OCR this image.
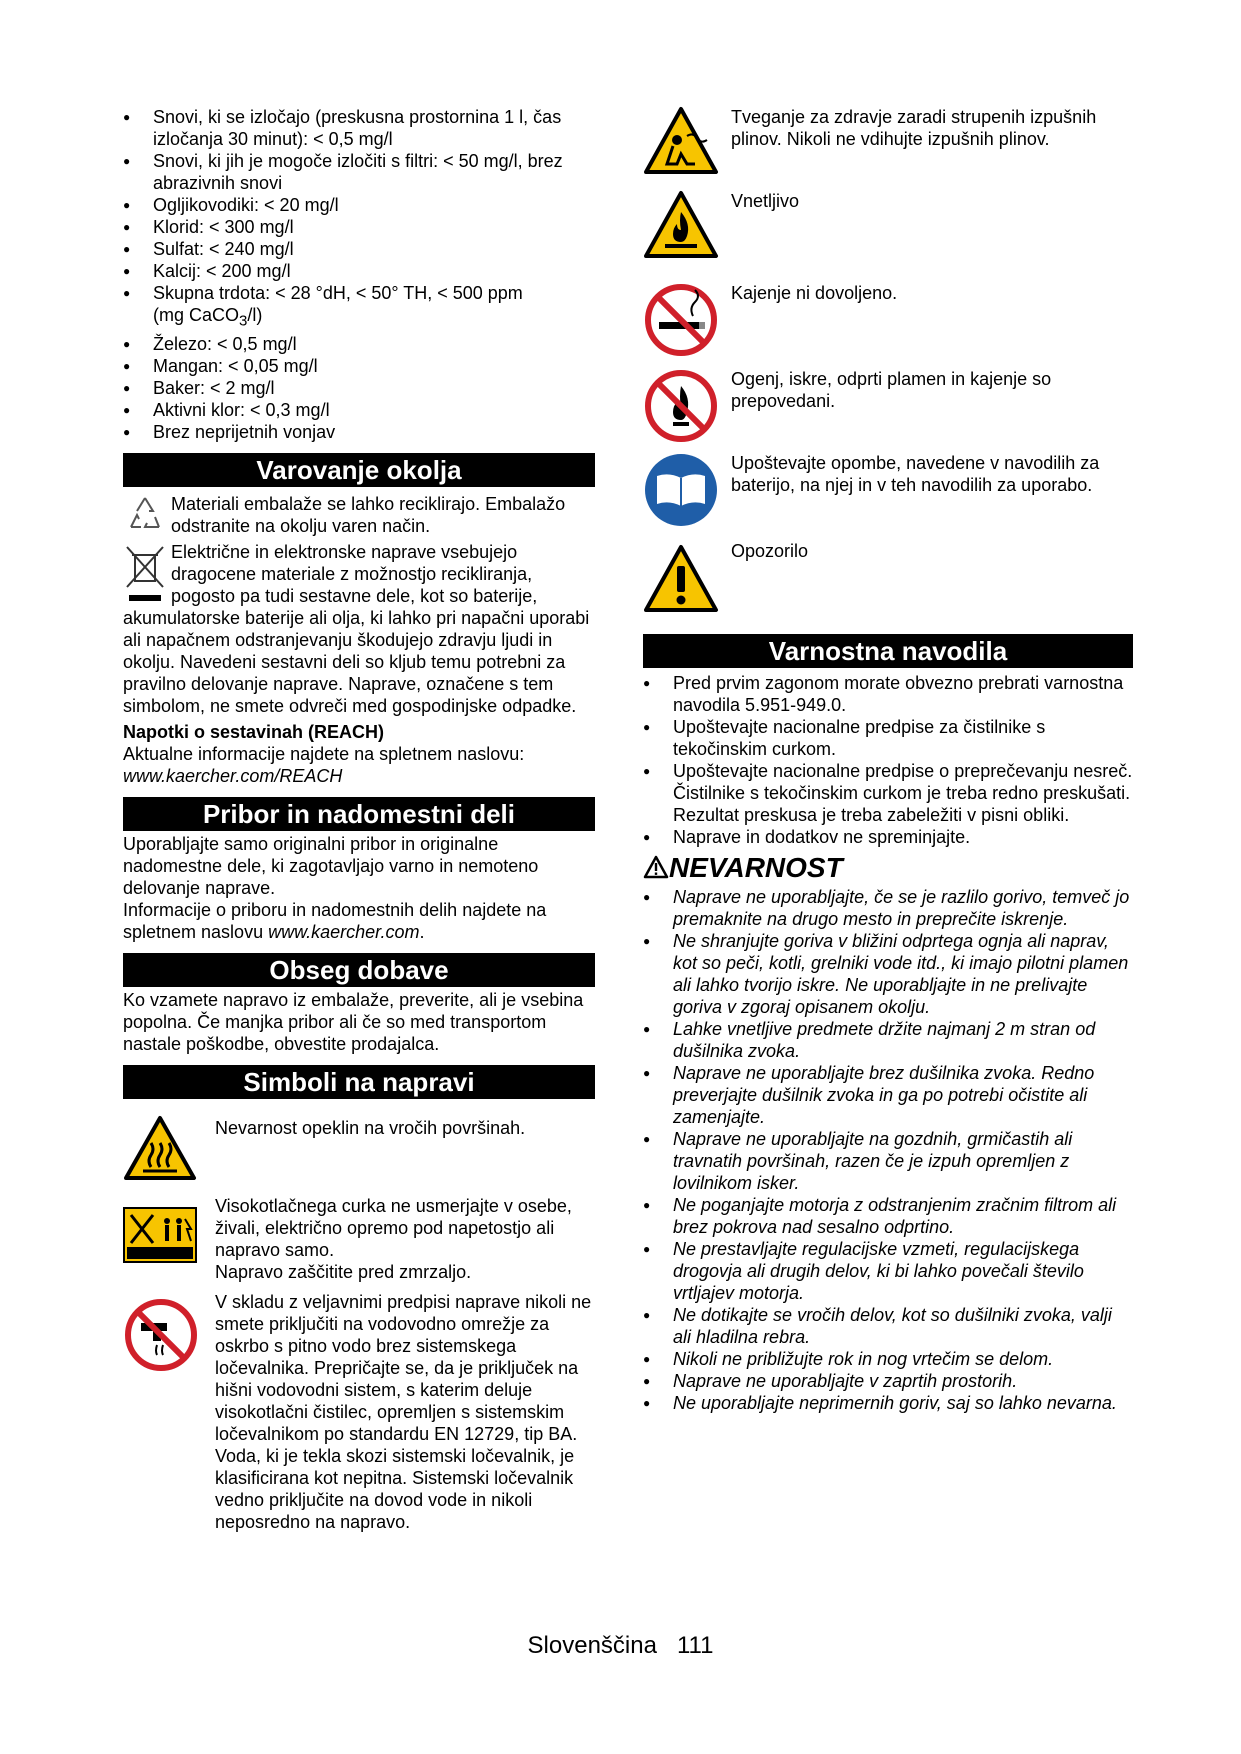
● Snovi, ki se izločajo (preskusna prostornina 1 l, čas izločanja 30 minut): < 0,5 mg/l
● Snovi, ki jih je mogoče izločiti s filtri: < 50 mg/l, brez abrazivnih snovi
● Ogljikovodiki: < 20 mg/l
● Klorid: < 300 mg/l
● Sulfat: < 240 mg/l
● Kalcij: < 200 mg/l
● Skupna trdota: < 28 °dH, < 50° TH, < 500 ppm
(mg CaCO$_3$/l)
● Železo: < 0,5 mg/l
● Mangan: < 0,05 mg/l
● Baker: < 2 mg/l
● Aktivni klor: < 0,3 mg/l
● Brez neprijetnih vonjav
Varovanje okolja

Materiali embalaže se lahko reciklirajo. Embalažo odstranite na okolju varen način.

Električne in elektronske naprave vsebujejo dragocene materiale z možnostjo recikliranja, pogosto pa tudi sestavne dele, kot so baterije, akumulatorske baterije ali olja, ki lahko pri napačni uporabi ali napačnem odstranjevanju škodujejo zdravju ljudi in okolju. Navedeni sestavni deli so kljub temu potrebni za pravilno delovanje naprave. Naprave, označene s tem simbolom, ne smete odvreči med gospodinjske odpadke.

Napotki o sestavinah (REACH)

Aktualne informacije najdete na spletnem naslovu:

www.kaercher.com/REACH

Pribor in nadomestni deli

Uporabljajte samo originalni pribor in originalne nadomestne dele, ki zagotavljajo varno in nemoteno delovanje naprave.

Informacije o priboru in nadomestnih delih najdete na spletnem naslovu www.kaercher.com.

Obseg dobave

Ko vzamete napravo iz embalaže, preverite, ali je vsebina popolna. Če manjka pribor ali če so med transportom nastale poškodbe, obvestite prodajalca.

Simboli na napravi

Nevarnost opeklin na vročih površinah.

Visokotlačnega curka ne usmerjajte v osebe, živali, električno opremo pod napetostjo ali napravo samo.

Napravo zaščitite pred zmrzaljo.

V skladu z veljavnimi predpisi naprave nikoli ne smete priključiti na vodovodno omrežje za oskrbo s pitno vodo brez sistemskega ločevalnika. Prepričajte se, da je priključek na hišni vodovodni sistem, s katerim deluje visokotlačni čistilec, opremljen s sistemskim ločevalnikom po standardu EN 12729, tip BA. Voda, ki je tekla skozi sistemski ločevalnik, je klasificirana kot nepitna. Sistemski ločevalnik vedno priključite na dovod vode in nikoli neposredno na napravo.

Tveganje za zdravje zaradi strupenih izpušnih plinov. Nikoli ne vdihujte izpušnih plinov.

Vnetljivo

Kajenje ni dovoljeno.

Ogenj, iskre, odprti plamen in kajenje so prepovedani.

Upoštevajte opombe, navedene v navodilih za baterijo, na njej in v teh navodilih za uporabo.

Opozorilo

Varnostna navodila
● Pred prvim zagonom morate obvezno prebrati varnostna navodila 5.951-949.0.
● Upoštevajte nacionalne predpise za čistilnike s tekočinskim curkom.
● Upoštevajte nacionalne predpise o preprečevanju nesreč. Čistilnike s tekočinskim curkom je treba redno preskušati. Rezultat preskusa je treba zabeležiti v pisni obliki.
● Naprave in dodatkov ne spreminjajte.
NEVARNOST
● Naprave ne uporabljajte, če se je razlilo gorivo, temveč jo premaknite na drugo mesto in preprečite iskrenje.
● Ne shranjujte goriva v bližini odprtega ognja ali naprav, kot so peči, kotli, grelniki vode itd., ki imajo pilotni plamen ali lahko tvorijo iskre. Ne uporabljajte in ne prelivajte goriva v zgoraj opisanem okolju.
● Lahke vnetljive predmete držite najmanj 2 m stran od dušilnika zvoka.
● Naprave ne uporabljajte brez dušilnika zvoka. Redno preverjajte dušilnik zvoka in ga po potrebi očistite ali zamenjajte.
● Naprave ne uporabljajte na gozdnih, grmičastih ali travnatih površinah, razen če je izpuh opremljen z lovilnikom isker.
● Ne poganjajte motorja z odstranjenim zračnim filtrom ali brez pokrova nad sesalno odprtino.
● Ne prestavljajte regulacijske vzmeti, regulacijskega drogovja ali drugih delov, ki bi lahko povečali število vrtljajev motorja.
● Ne dotikajte se vročih delov, kot so dušilniki zvoka, valji ali hladilna rebra.
● Nikoli ne približujte rok in nog vrtečim se delom.
● Naprave ne uporabljajte v zaprtih prostorih.
● Ne uporabljajte neprimernih goriv, saj so lahko nevarna.
Slovenščina 111
